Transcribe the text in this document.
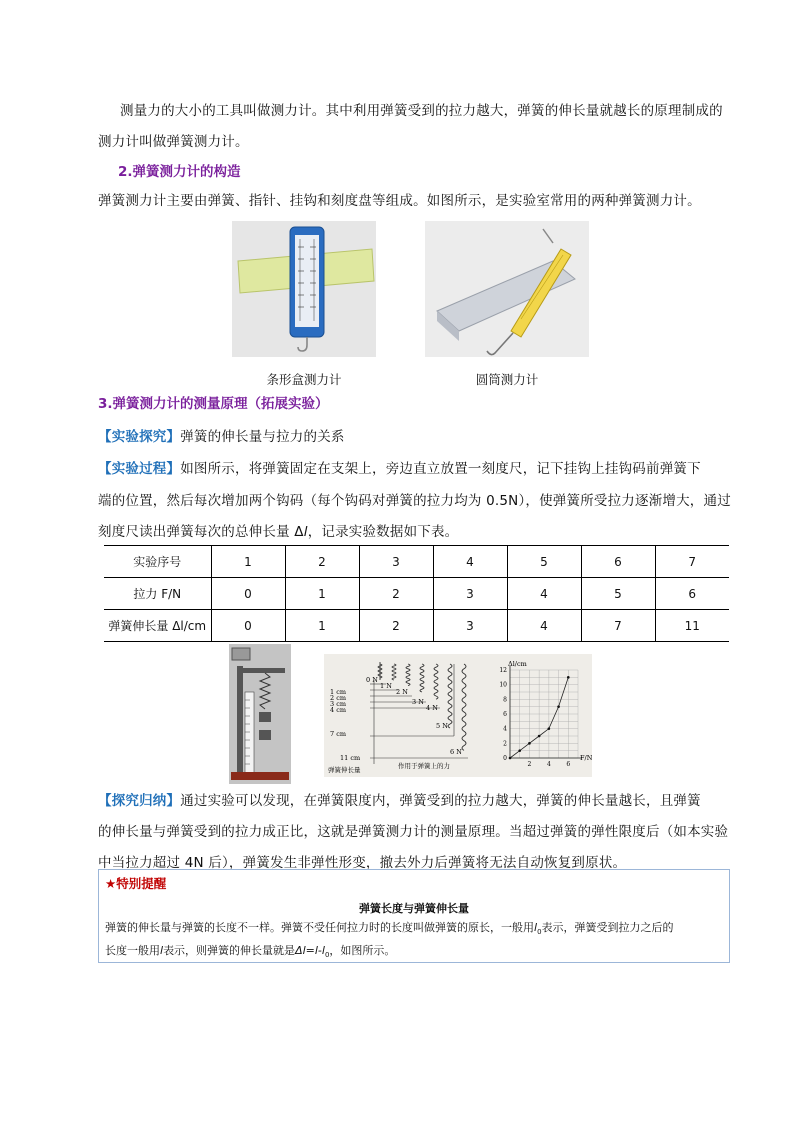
测量力的大小的工具叫做测力计。其中利用弹簧受到的拉力越大，弹簧的伸长量就越长的原理制成的
测力计叫做弹簧测力计。
2.弹簧测力计的构造
弹簧测力计主要由弹簧、指针、挂钩和刻度盘等组成。如图所示，是实验室常用的两种弹簧测力计。
条形盒测力计	圆筒测力计
3.弹簧测力计的测量原理（拓展实验）
【实验探究】弹簧的伸长量与拉力的关系
【实验过程】如图所示，将弹簧固定在支架上，旁边直立放置一刻度尺，记下挂钩上挂钩码前弹簧下
端的位置，然后每次增加两个钩码（每个钩码对弹簧的拉力均为 0.5N），使弹簧所受拉力逐渐增大，通过
刻度尺读出弹簧每次的总伸长量 Δl，记录实验数据如下表。
实验序号	1	2	3	4	5	6	7
拉力 F/N	0	1	2	3	4	5	6
弹簧伸长量 Δl/cm	0	1	2	3	4	7	11
1 cm
2 cm
3 cm
4 cm
7 cm
11 cm
0 N
1 N
2 N
3 N
4 N
5 N
6 N
弹簧伸长量	作用于弹簧上的力
Δl/cm
F/N
12
10
8
6
4
2
0
2	4	6
【探究归纳】通过实验可以发现，在弹簧限度内，弹簧受到的拉力越大，弹簧的伸长量越长，且弹簧
的伸长量与弹簧受到的拉力成正比，这就是弹簧测力计的测量原理。当超过弹簧的弹性限度后（如本实验
中当拉力超过 4N 后），弹簧发生非弹性形变，撤去外力后弹簧将无法自动恢复到原状。
★特别提醒
弹簧长度与弹簧伸长量
弹簧的伸长量与弹簧的长度不一样。弹簧不受任何拉力时的长度叫做弹簧的原长，一般用$l_0$表示，弹簧受到拉力之后的
长度一般用l表示，则弹簧的伸长量就是$\Delta l=l-l_0$，如图所示。
